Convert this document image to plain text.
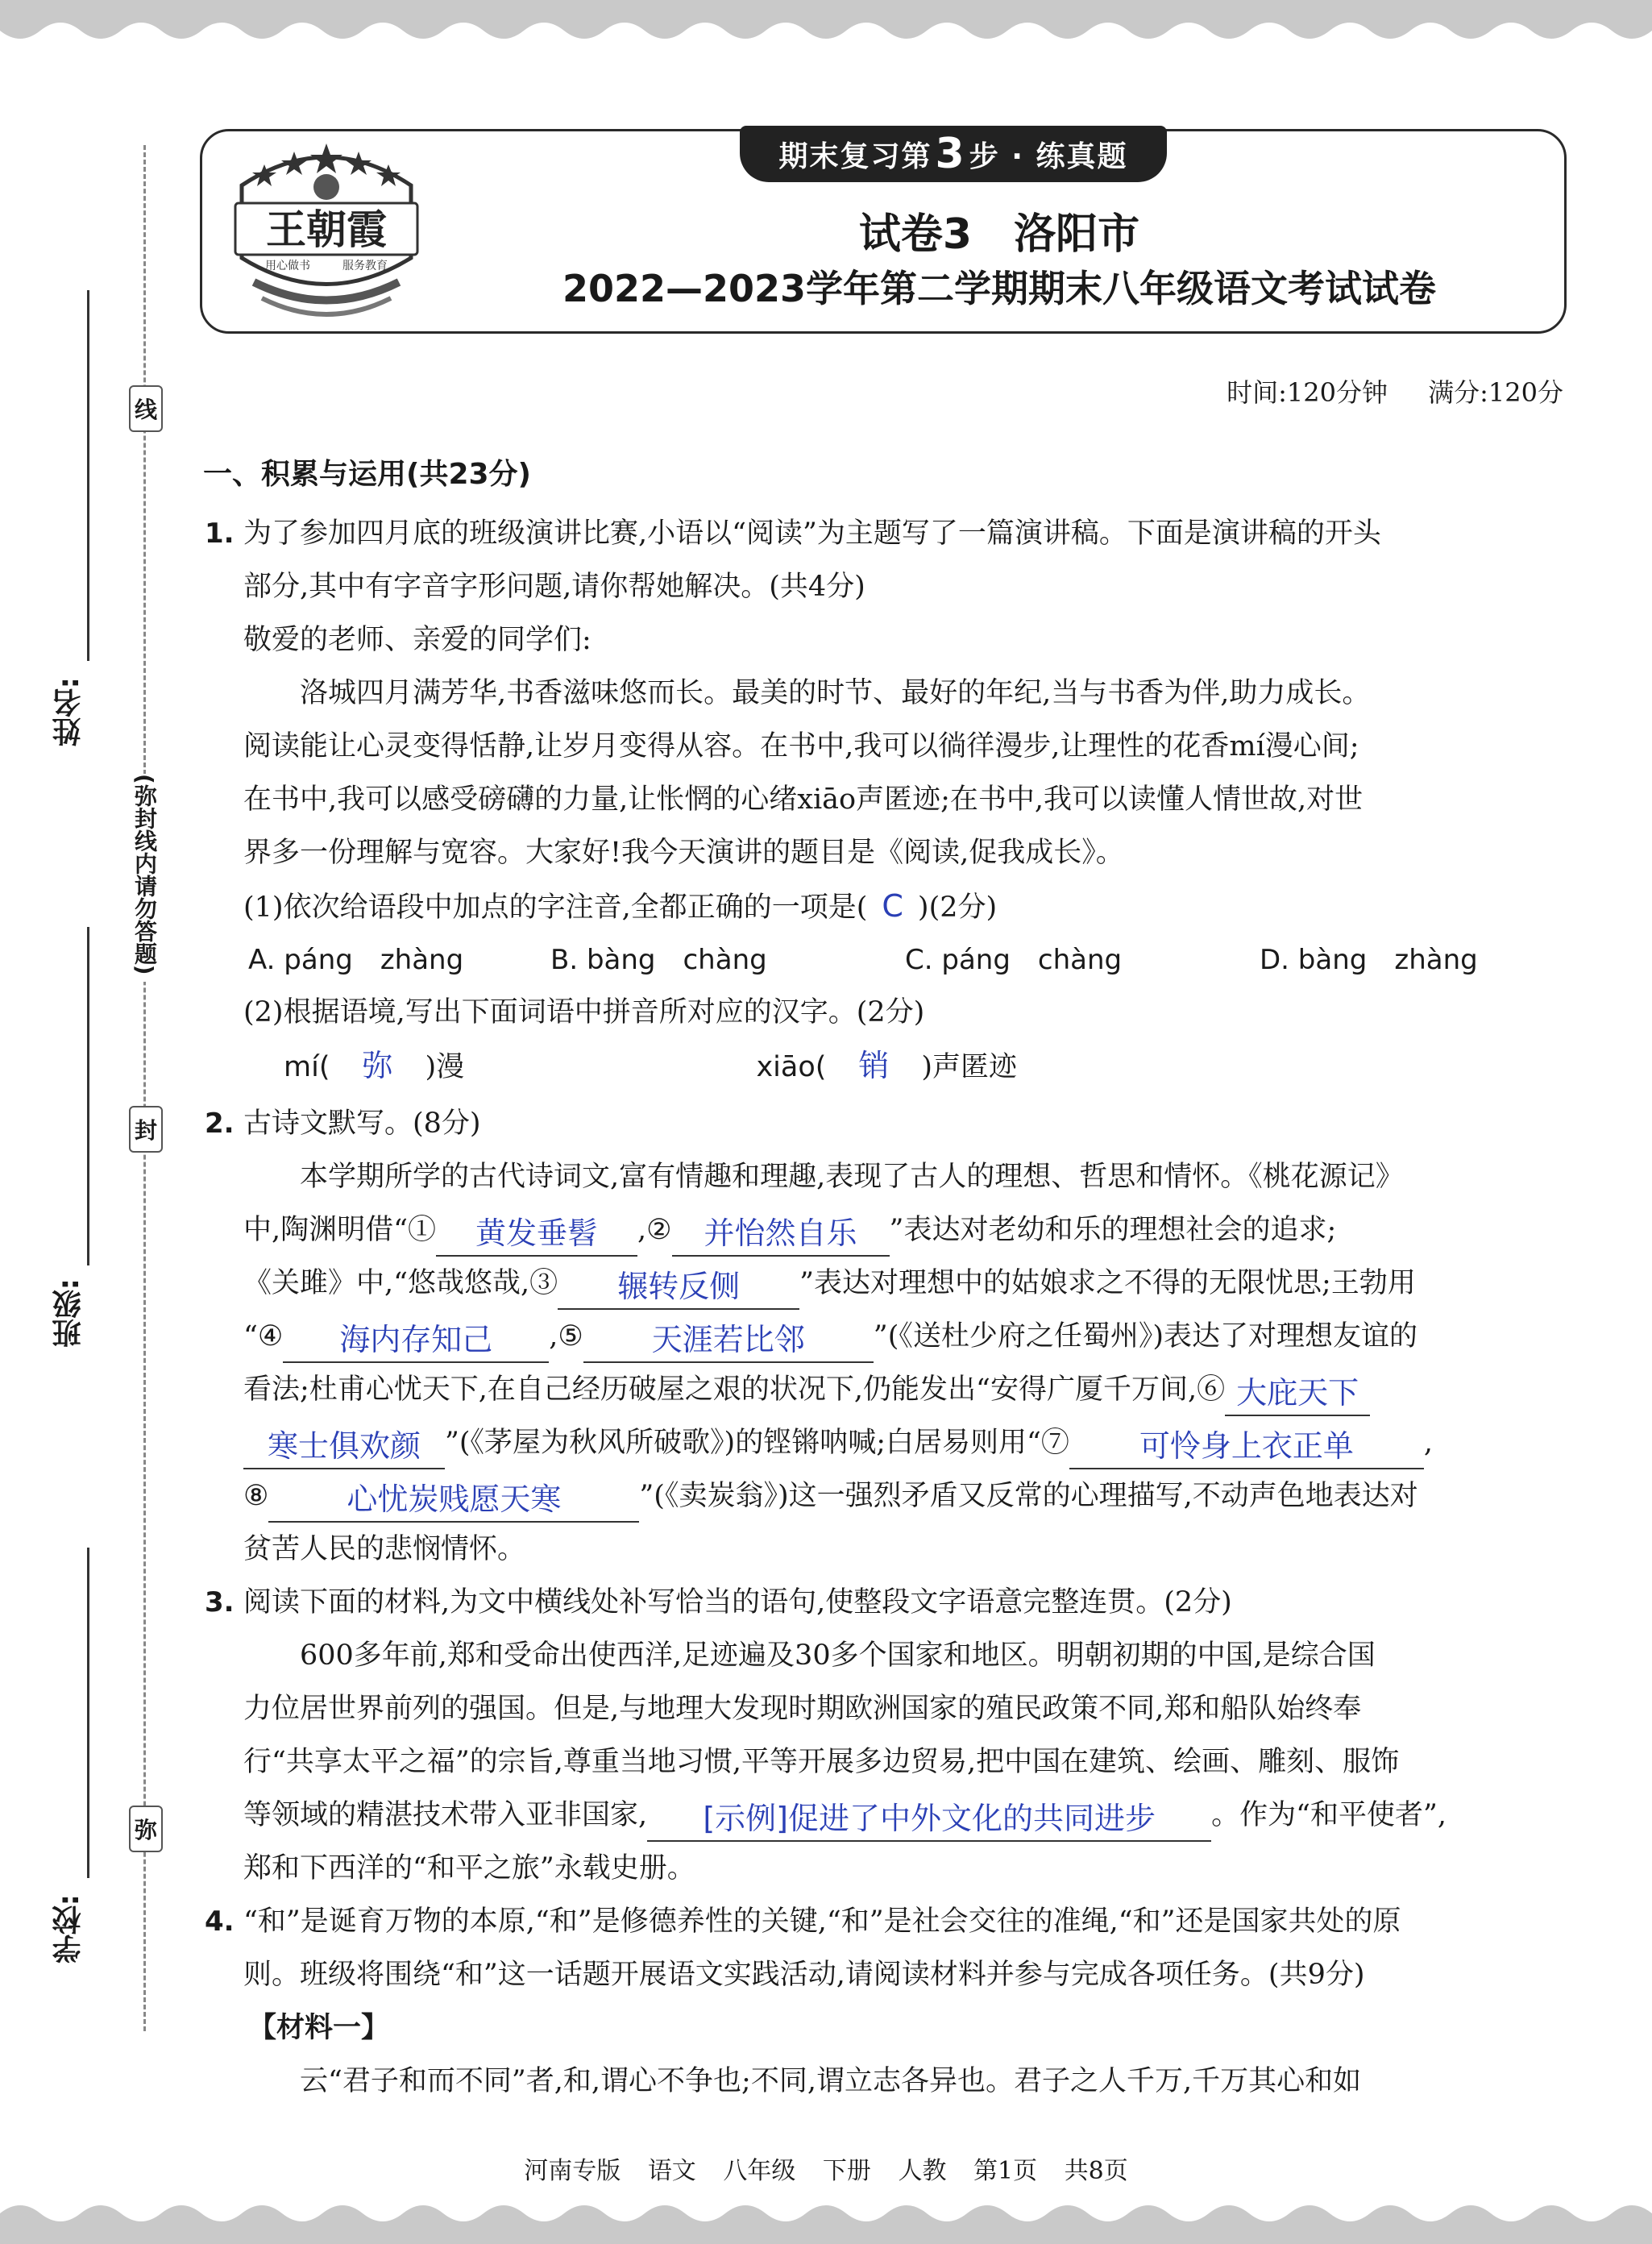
线
封
弥
(弥封线内请勿答题)
姓名:
班级:
学校:
期末复习第 3 步 · 练真题
王朝霞
用心做书	服务教育
试卷3　洛阳市
2022—2023学年第二学期期末八年级语文考试试卷
时间:120分钟 满分:120分
一、积累与运用(共23分)
1. 为了参加四月底的班级演讲比赛,小语以“阅读”为主题写了一篇演讲稿。下面是演讲稿的开头
部分,其中有字音字形问题,请你帮她解决。(共4分)
敬爱的老师、亲爱的同学们:
洛城四月满芳华,书香滋味悠而长。最美的时节、最好的年纪,当与书香为伴,助力成长。
阅读能让心灵变得恬静,让岁月变得从容。在书中,我可以徜徉漫步,让理性的花香mí漫心间;
在书中,我可以感受磅礴的力量,让怅惘的心绪xiāo声匿迹;在书中,我可以读懂人情世故,对世
界多一份理解与宽容。大家好!我今天演讲的题目是《阅读,促我成长》。
(1)依次给语段中加点的字注音,全都正确的一项是( C )(2分)
A. páng　zhàng	B. bàng　chàng	C. páng　chàng	D. bàng　zhàng
(2)根据语境,写出下面词语中拼音所对应的汉字。(2分)
mí( 弥 )漫	xiāo( 销 )声匿迹
2. 古诗文默写。(8分)
本学期所学的古代诗词文,富有情趣和理趣,表现了古人的理想、哲思和情怀。《桃花源记》
中,陶渊明借“① 黄发垂髫 ,② 并怡然自乐 ”表达对老幼和乐的理想社会的追求;
《关雎》中,“悠哉悠哉,③ 辗转反侧 ”表达对理想中的姑娘求之不得的无限忧思;王勃用
“④ 海内存知己 ,⑤ 天涯若比邻 ”(《送杜少府之任蜀州》)表达了对理想友谊的
看法;杜甫心忧天下,在自己经历破屋之艰的状况下,仍能发出“安得广厦千万间,⑥ 大庇天下
寒士俱欢颜 ”(《茅屋为秋风所破歌》)的铿锵呐喊;白居易则用“⑦ 可怜身上衣正单 ,
⑧	心忧炭贱愿天寒	”(《卖炭翁》)这一强烈矛盾又反常的心理描写,不动声色地表达对
贫苦人民的悲悯情怀。
3. 阅读下面的材料,为文中横线处补写恰当的语句,使整段文字语意完整连贯。(2分)
600多年前,郑和受命出使西洋,足迹遍及30多个国家和地区。明朝初期的中国,是综合国
力位居世界前列的强国。但是,与地理大发现时期欧洲国家的殖民政策不同,郑和船队始终奉
行“共享太平之福”的宗旨,尊重当地习惯,平等开展多边贸易,把中国在建筑、绘画、雕刻、服饰
等领域的精湛技术带入亚非国家, [示例]促进了中外文化的共同进步 。作为“和平使者”,
郑和下西洋的“和平之旅”永载史册。
4. “和”是诞育万物的本原,“和”是修德养性的关键,“和”是社会交往的准绳,“和”还是国家共处的原
则。班级将围绕“和”这一话题开展语文实践活动,请阅读材料并参与完成各项任务。(共9分)
【材料一】
云“君子和而不同”者,和,谓心不争也;不同,谓立志各异也。君子之人千万,千万其心和如
河南专版 语文 八年级 下册 人教 第1页 共8页
